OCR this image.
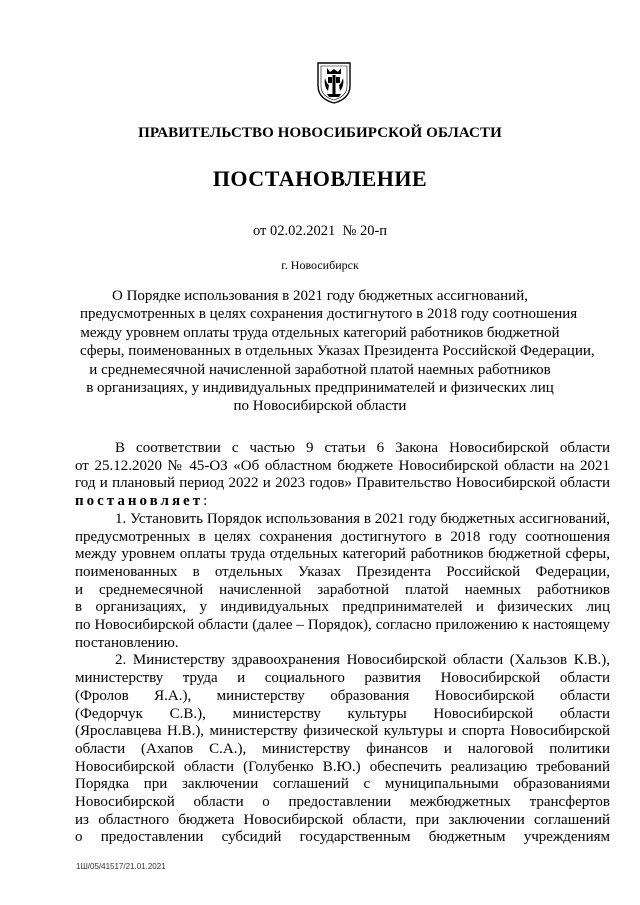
ПРАВИТЕЛЬСТВО НОВОСИБИРСКОЙ ОБЛАСТИ
ПОСТАНОВЛЕНИЕ
от 02.02.2021 № 20-п
г. Новосибирск
О Порядке использования в 2021 году бюджетных ассигнований,
предусмотренных в целях сохранения достигнутого в 2018 году соотношения
между уровнем оплаты труда отдельных категорий работников бюджетной
сферы, поименованных в отдельных Указах Президента Российской Федерации,
и среднемесячной начисленной заработной платой наемных работников
в организациях, у индивидуальных предпринимателей и физических лиц
по Новосибирской области
В соответствии с частью 9 статьи 6 Закона Новосибирской области
от 25.12.2020 № 45-ОЗ «Об областном бюджете Новосибирской области на 2021
год и плановый период 2022 и 2023 годов» Правительство Новосибирской области
постановляет:
1. Установить Порядок использования в 2021 году бюджетных ассигнований,
предусмотренных в целях сохранения достигнутого в 2018 году соотношения
между уровнем оплаты труда отдельных категорий работников бюджетной сферы,
поименованных в отдельных Указах Президента Российской Федерации,
и среднемесячной начисленной заработной платой наемных работников
в организациях, у индивидуальных предпринимателей и физических лиц
по Новосибирской области (далее – Порядок), согласно приложению к настоящему
постановлению.
2. Министерству здравоохранения Новосибирской области (Хальзов К.В.),
министерству труда и социального развития Новосибирской области
(Фролов Я.А.), министерству образования Новосибирской области
(Федорчук С.В.), министерству культуры Новосибирской области
(Ярославцева Н.В.), министерству физической культуры и спорта Новосибирской
области (Ахапов С.А.), министерству финансов и налоговой политики
Новосибирской области (Голубенко В.Ю.) обеспечить реализацию требований
Порядка при заключении соглашений с муниципальными образованиями
Новосибирской области о предоставлении межбюджетных трансфертов
из областного бюджета Новосибирской области, при заключении соглашений
о предоставлении субсидий государственным бюджетным учреждениям
1Ш/05/41517/21.01.2021
